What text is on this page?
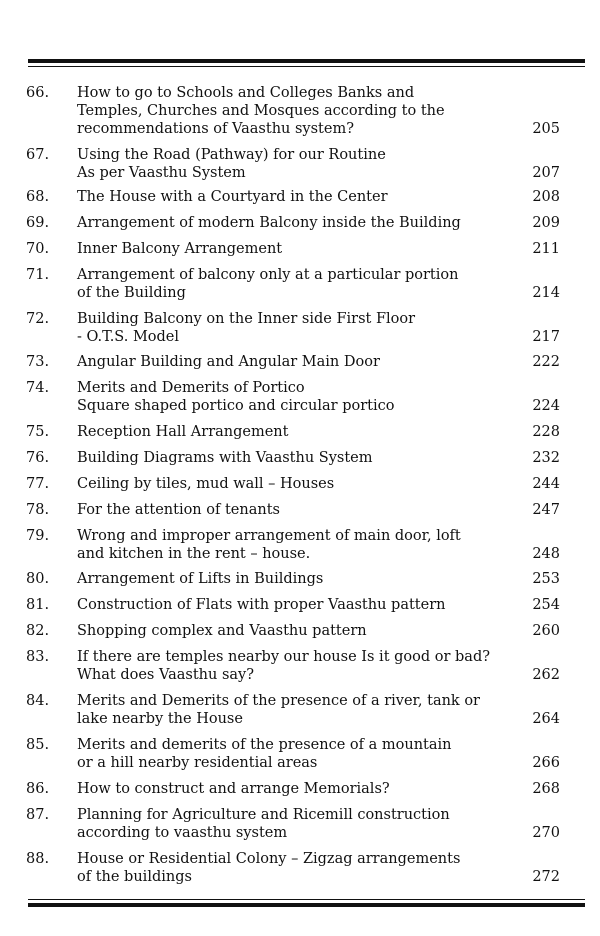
66. How to go to Schools and Colleges Banks and
Temples, Churches and Mosques according to the
recommendations of Vaasthu system?	205
67. Using the Road (Pathway) for our Routine
As per Vaasthu System	207
68. The House with a Courtyard in the Center	208
69. Arrangement of modern Balcony inside the Building	209
70. Inner Balcony Arrangement	211
71. Arrangement of balcony only at a particular portion
of the Building	214
72. Building Balcony on the Inner side First Floor
- O.T.S. Model	217
73. Angular Building and Angular Main Door	222
74. Merits and Demerits of Portico
Square shaped portico and circular portico	224
75. Reception Hall Arrangement	228
76. Building Diagrams with Vaasthu System	232
77. Ceiling by tiles, mud wall – Houses	244
78. For the attention of tenants	247
79. Wrong and improper arrangement of main door, loft
and kitchen in the rent – house.	248
80. Arrangement of Lifts in Buildings	253
81. Construction of Flats with proper Vaasthu pattern	254
82. Shopping complex and Vaasthu pattern	260
83. If there are temples nearby our house Is it good or bad?
What does Vaasthu say?	262
84. Merits and Demerits of the presence of a river, tank or
lake nearby the House	264
85. Merits and demerits of the presence of a mountain
or a hill nearby residential areas	266
86. How to construct and arrange Memorials?	268
87. Planning for Agriculture and Ricemill construction
according to vaasthu system	270
88. House or Residential Colony – Zigzag arrangements
of the buildings	272
